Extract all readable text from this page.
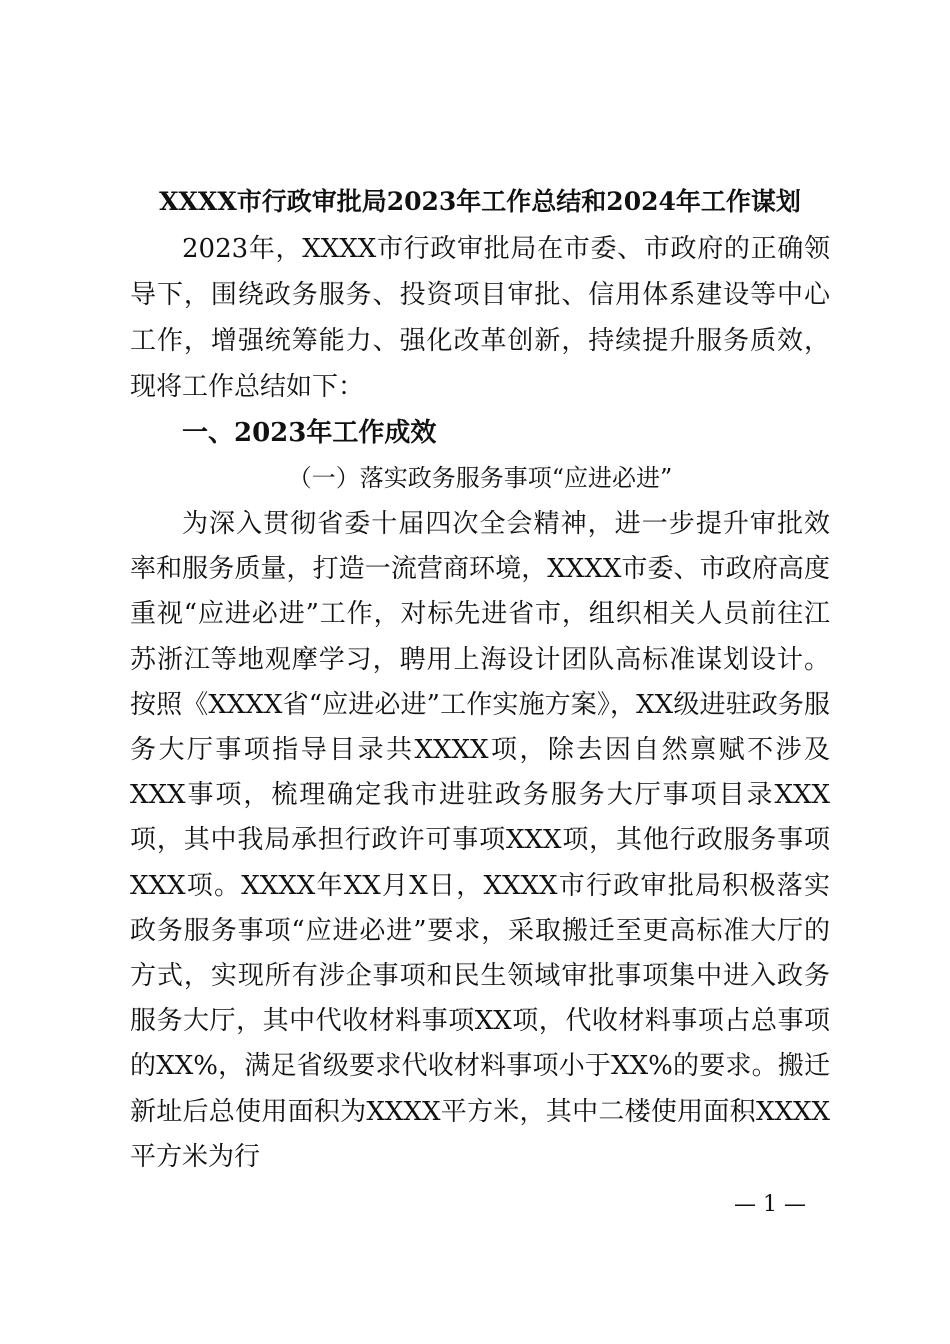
XXXX市行政审批局2023年工作总结和2024年工作谋划
2023年，XXXX市行政审批局在市委、市政府的正确领导下，围绕政务服务、投资项目审批、信用体系建设等中心工作，增强统筹能力、强化改革创新，持续提升服务质效，现将工作总结如下：
一、2023年工作成效
（一）落实政务服务事项“应进必进”
为深入贯彻省委十届四次全会精神，进一步提升审批效率和服务质量，打造一流营商环境，XXXX市委、市政府高度重视“应进必进”工作，对标先进省市，组织相关人员前往江苏浙江等地观摩学习，聘用上海设计团队高标准谋划设计。按照《XXXX省“应进必进”工作实施方案》，XX级进驻政务服务大厅事项指导目录共XXXX项，除去因自然禀赋不涉及XXX事项，梳理确定我市进驻政务服务大厅事项目录XXX项，其中我局承担行政许可事项XXX项，其他行政服务事项XXX项。XXXX年XX月X日，XXXX市行政审批局积极落实政务服务事项“应进必进”要求，采取搬迁至更高标准大厅的方式，实现所有涉企事项和民生领域审批事项集中进入政务服务大厅，其中代收材料事项XX项，代收材料事项占总事项的XX%，满足省级要求代收材料事项小于XX%的要求。搬迁新址后总使用面积为XXXX平方米，其中二楼使用面积XXXX平方米为行
— 1 —
